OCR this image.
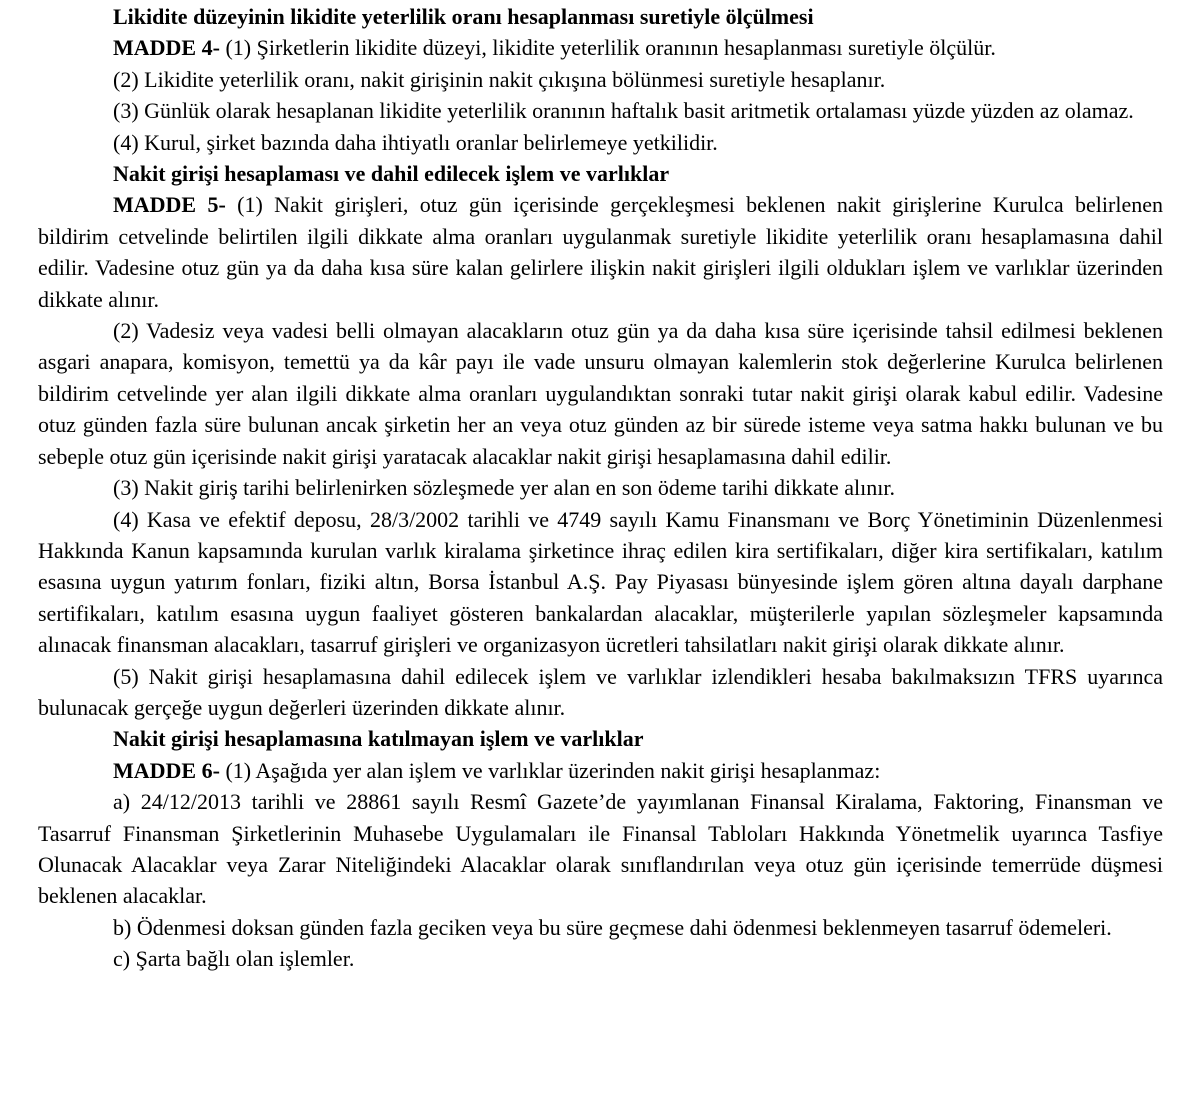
Likidite düzeyinin likidite yeterlilik oranı hesaplanması suretiyle ölçülmesi

MADDE 4- (1) Şirketlerin likidite düzeyi, likidite yeterlilik oranının hesaplanması suretiyle ölçülür.

(2) Likidite yeterlilik oranı, nakit girişinin nakit çıkışına bölünmesi suretiyle hesaplanır.

(3) Günlük olarak hesaplanan likidite yeterlilik oranının haftalık basit aritmetik ortalaması yüzde yüzden az olamaz.

(4) Kurul, şirket bazında daha ihtiyatlı oranlar belirlemeye yetkilidir.

Nakit girişi hesaplaması ve dahil edilecek işlem ve varlıklar

MADDE 5- (1) Nakit girişleri, otuz gün içerisinde gerçekleşmesi beklenen nakit girişlerine Kurulca belirlenen bildirim cetvelinde belirtilen ilgili dikkate alma oranları uygulanmak suretiyle likidite yeterlilik oranı hesaplamasına dahil edilir. Vadesine otuz gün ya da daha kısa süre kalan gelirlere ilişkin nakit girişleri ilgili oldukları işlem ve varlıklar üzerinden dikkate alınır.

(2) Vadesiz veya vadesi belli olmayan alacakların otuz gün ya da daha kısa süre içerisinde tahsil edilmesi beklenen asgari anapara, komisyon, temettü ya da kâr payı ile vade unsuru olmayan kalemlerin stok değerlerine Kurulca belirlenen bildirim cetvelinde yer alan ilgili dikkate alma oranları uygulandıktan sonraki tutar nakit girişi olarak kabul edilir. Vadesine otuz günden fazla süre bulunan ancak şirketin her an veya otuz günden az bir sürede isteme veya satma hakkı bulunan ve bu sebeple otuz gün içerisinde nakit girişi yaratacak alacaklar nakit girişi hesaplamasına dahil edilir.

(3) Nakit giriş tarihi belirlenirken sözleşmede yer alan en son ödeme tarihi dikkate alınır.

(4) Kasa ve efektif deposu, 28/3/2002 tarihli ve 4749 sayılı Kamu Finansmanı ve Borç Yönetiminin Düzenlenmesi Hakkında Kanun kapsamında kurulan varlık kiralama şirketince ihraç edilen kira sertifikaları, diğer kira sertifikaları, katılım esasına uygun yatırım fonları, fiziki altın, Borsa İstanbul A.Ş. Pay Piyasası bünyesinde işlem gören altına dayalı darphane sertifikaları, katılım esasına uygun faaliyet gösteren bankalardan alacaklar, müşterilerle yapılan sözleşmeler kapsamında alınacak finansman alacakları, tasarruf girişleri ve organizasyon ücretleri tahsilatları nakit girişi olarak dikkate alınır.

(5) Nakit girişi hesaplamasına dahil edilecek işlem ve varlıklar izlendikleri hesaba bakılmaksızın TFRS uyarınca bulunacak gerçeğe uygun değerleri üzerinden dikkate alınır.

Nakit girişi hesaplamasına katılmayan işlem ve varlıklar

MADDE 6- (1) Aşağıda yer alan işlem ve varlıklar üzerinden nakit girişi hesaplanmaz:

a) 24/12/2013 tarihli ve 28861 sayılı Resmî Gazete’de yayımlanan Finansal Kiralama, Faktoring, Finansman ve Tasarruf Finansman Şirketlerinin Muhasebe Uygulamaları ile Finansal Tabloları Hakkında Yönetmelik uyarınca Tasfiye Olunacak Alacaklar veya Zarar Niteliğindeki Alacaklar olarak sınıflandırılan veya otuz gün içerisinde temerrüde düşmesi beklenen alacaklar.

b) Ödenmesi doksan günden fazla geciken veya bu süre geçmese dahi ödenmesi beklenmeyen tasarruf ödemeleri.

c) Şarta bağlı olan işlemler.
